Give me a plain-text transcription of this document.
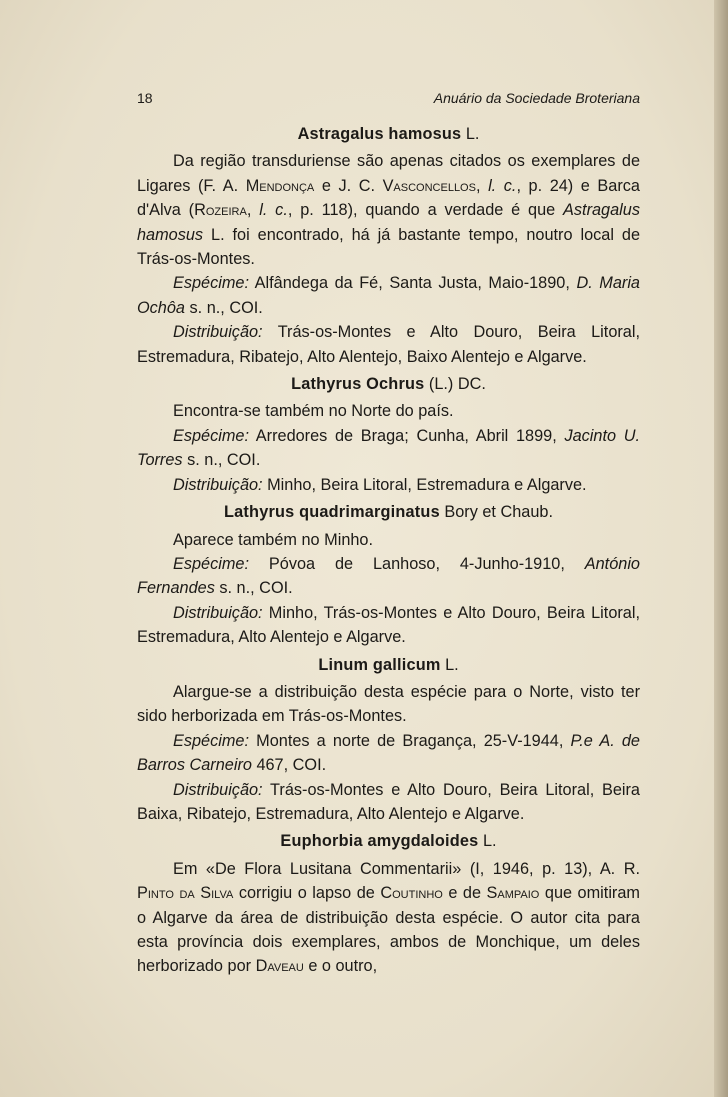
18	Anuário da Sociedade Broteriana
Astragalus hamosus L.

Da região transduriense são apenas citados os exemplares de Ligares (F. A. Mendonça e J. C. Vasconcellos, l. c., p. 24) e Barca d'Alva (Rozeira, l. c., p. 118), quando a verdade é que Astragalus hamosus L. foi encontrado, há já bastante tempo, noutro local de Trás-os-Montes.

Espécime: Alfândega da Fé, Santa Justa, Maio-1890, D. Maria Ochôa s. n., COI.

Distribuição: Trás-os-Montes e Alto Douro, Beira Litoral, Estremadura, Ribatejo, Alto Alentejo, Baixo Alentejo e Algarve.

Lathyrus Ochrus (L.) DC.

Encontra-se também no Norte do país.

Espécime: Arredores de Braga; Cunha, Abril 1899, Jacinto U. Torres s. n., COI.

Distribuição: Minho, Beira Litoral, Estremadura e Algarve.

Lathyrus quadrimarginatus Bory et Chaub.

Aparece também no Minho.

Espécime: Póvoa de Lanhoso, 4-Junho-1910, António Fernandes s. n., COI.

Distribuição: Minho, Trás-os-Montes e Alto Douro, Beira Litoral, Estremadura, Alto Alentejo e Algarve.

Linum gallicum L.

Alargue-se a distribuição desta espécie para o Norte, visto ter sido herborizada em Trás-os-Montes.

Espécime: Montes a norte de Bragança, 25-V-1944, P.e A. de Barros Carneiro 467, COI.

Distribuição: Trás-os-Montes e Alto Douro, Beira Litoral, Beira Baixa, Ribatejo, Estremadura, Alto Alentejo e Algarve.

Euphorbia amygdaloides L.

Em «De Flora Lusitana Commentarii» (I, 1946, p. 13), A. R. Pinto da Silva corrigiu o lapso de Coutinho e de Sampaio que omitiram o Algarve da área de distribuição desta espécie. O autor cita para esta província dois exemplares, ambos de Monchique, um deles herborizado por Daveau e o outro,
